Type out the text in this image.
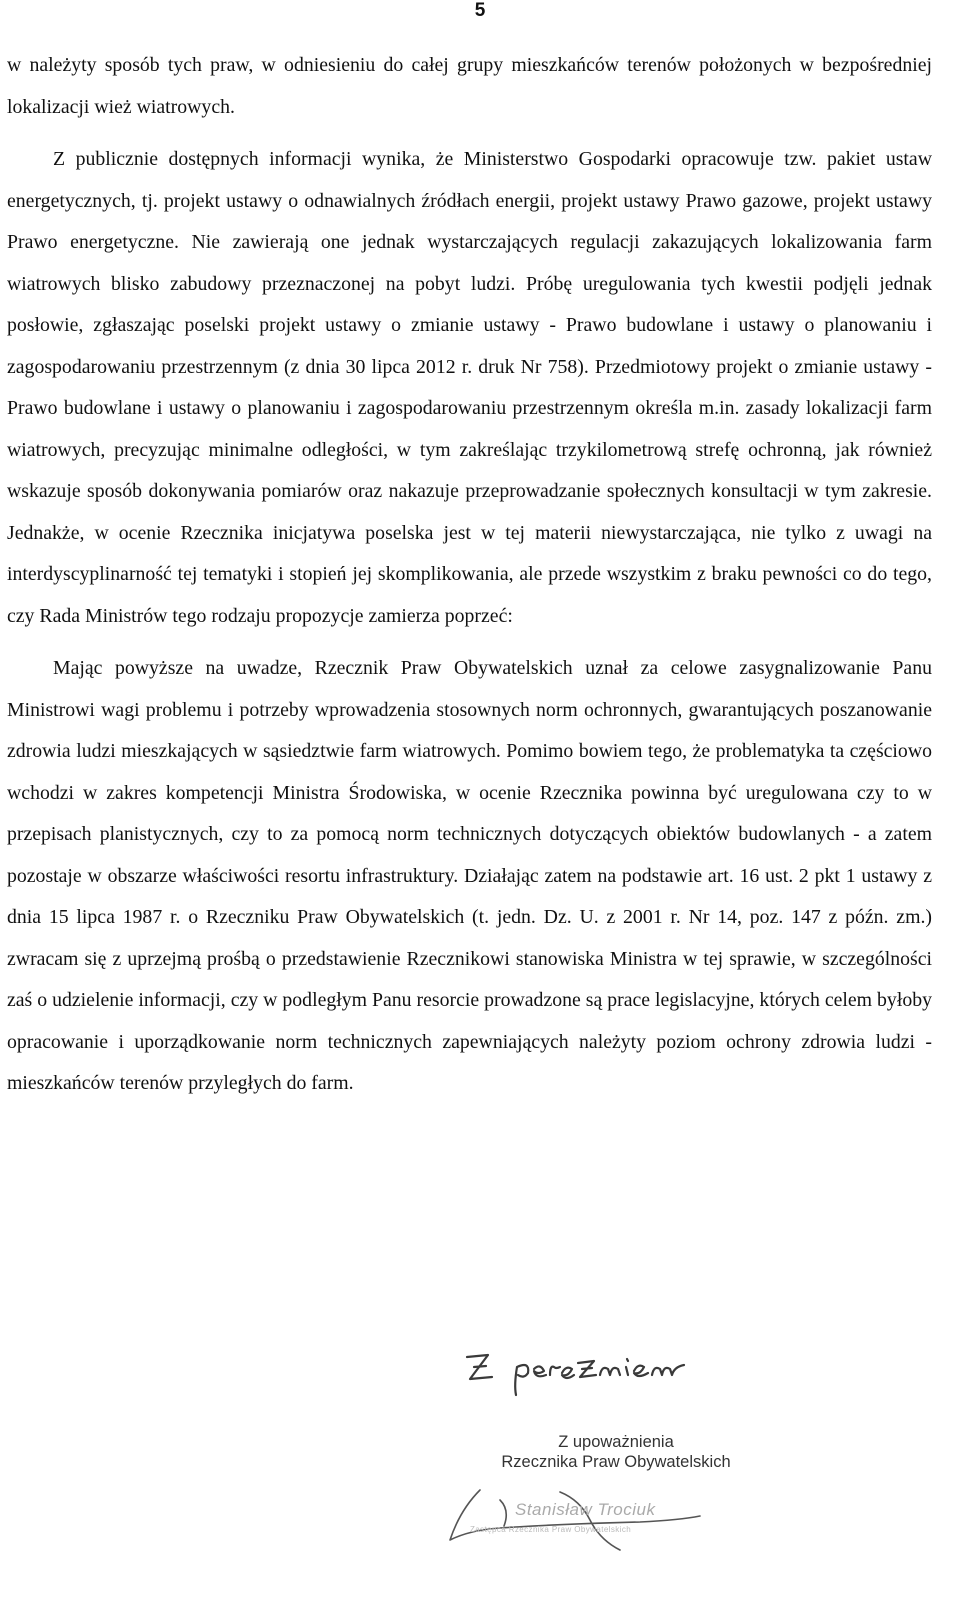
5

w należyty sposób tych praw, w odniesieniu do całej grupy mieszkańców terenów położonych w bezpośredniej lokalizacji wież wiatrowych.

Z publicznie dostępnych informacji wynika, że Ministerstwo Gospodarki opracowuje tzw. pakiet ustaw energetycznych, tj. projekt ustawy o odnawialnych źródłach energii, projekt ustawy Prawo gazowe, projekt ustawy Prawo energetyczne. Nie zawierają one jednak wystarczających regulacji zakazujących lokalizowania farm wiatrowych blisko zabudowy przeznaczonej na pobyt ludzi. Próbę uregulowania tych kwestii podjęli jednak posłowie, zgłaszając poselski projekt ustawy o zmianie ustawy - Prawo budowlane i ustawy o planowaniu i zagospodarowaniu przestrzennym (z dnia 30 lipca 2012 r. druk Nr 758). Przedmiotowy projekt o zmianie ustawy - Prawo budowlane i ustawy o planowaniu i zagospodarowaniu przestrzennym określa m.in. zasady lokalizacji farm wiatrowych, precyzując minimalne odległości, w tym zakreślając trzykilometrową strefę ochronną, jak również wskazuje sposób dokonywania pomiarów oraz nakazuje przeprowadzanie społecznych konsultacji w tym zakresie. Jednakże, w ocenie Rzecznika inicjatywa poselska jest w tej materii niewystarczająca, nie tylko z uwagi na interdyscyplinarność tej tematyki i stopień jej skomplikowania, ale przede wszystkim z braku pewności co do tego, czy Rada Ministrów tego rodzaju propozycje zamierza poprzeć:

Mając powyższe na uwadze, Rzecznik Praw Obywatelskich uznał za celowe zasygnalizowanie Panu Ministrowi wagi problemu i potrzeby wprowadzenia stosownych norm ochronnych, gwarantujących poszanowanie zdrowia ludzi mieszkających w sąsiedztwie farm wiatrowych. Pomimo bowiem tego, że problematyka ta częściowo wchodzi w zakres kompetencji Ministra Środowiska, w ocenie Rzecznika powinna być uregulowana czy to w przepisach planistycznych, czy to za pomocą norm technicznych dotyczących obiektów budowlanych - a zatem pozostaje w obszarze właściwości resortu infrastruktury. Działając zatem na podstawie art. 16 ust. 2 pkt 1 ustawy z dnia 15 lipca 1987 r. o Rzeczniku Praw Obywatelskich (t. jedn. Dz. U. z 2001 r. Nr 14, poz. 147 z późn. zm.) zwracam się z uprzejmą prośbą o przedstawienie Rzecznikowi stanowiska Ministra w tej sprawie, w szczególności zaś o udzielenie informacji, czy w podległym Panu resorcie prowadzone są prace legislacyjne, których celem byłoby opracowanie i uporządkowanie norm technicznych zapewniających należyty poziom ochrony zdrowia ludzi - mieszkańców terenów przyległych do farm.

Z upoważnienia
Rzecznika Praw Obywatelskich
Stanisław Trociuk
Zastępca Rzecznika Praw Obywatelskich
